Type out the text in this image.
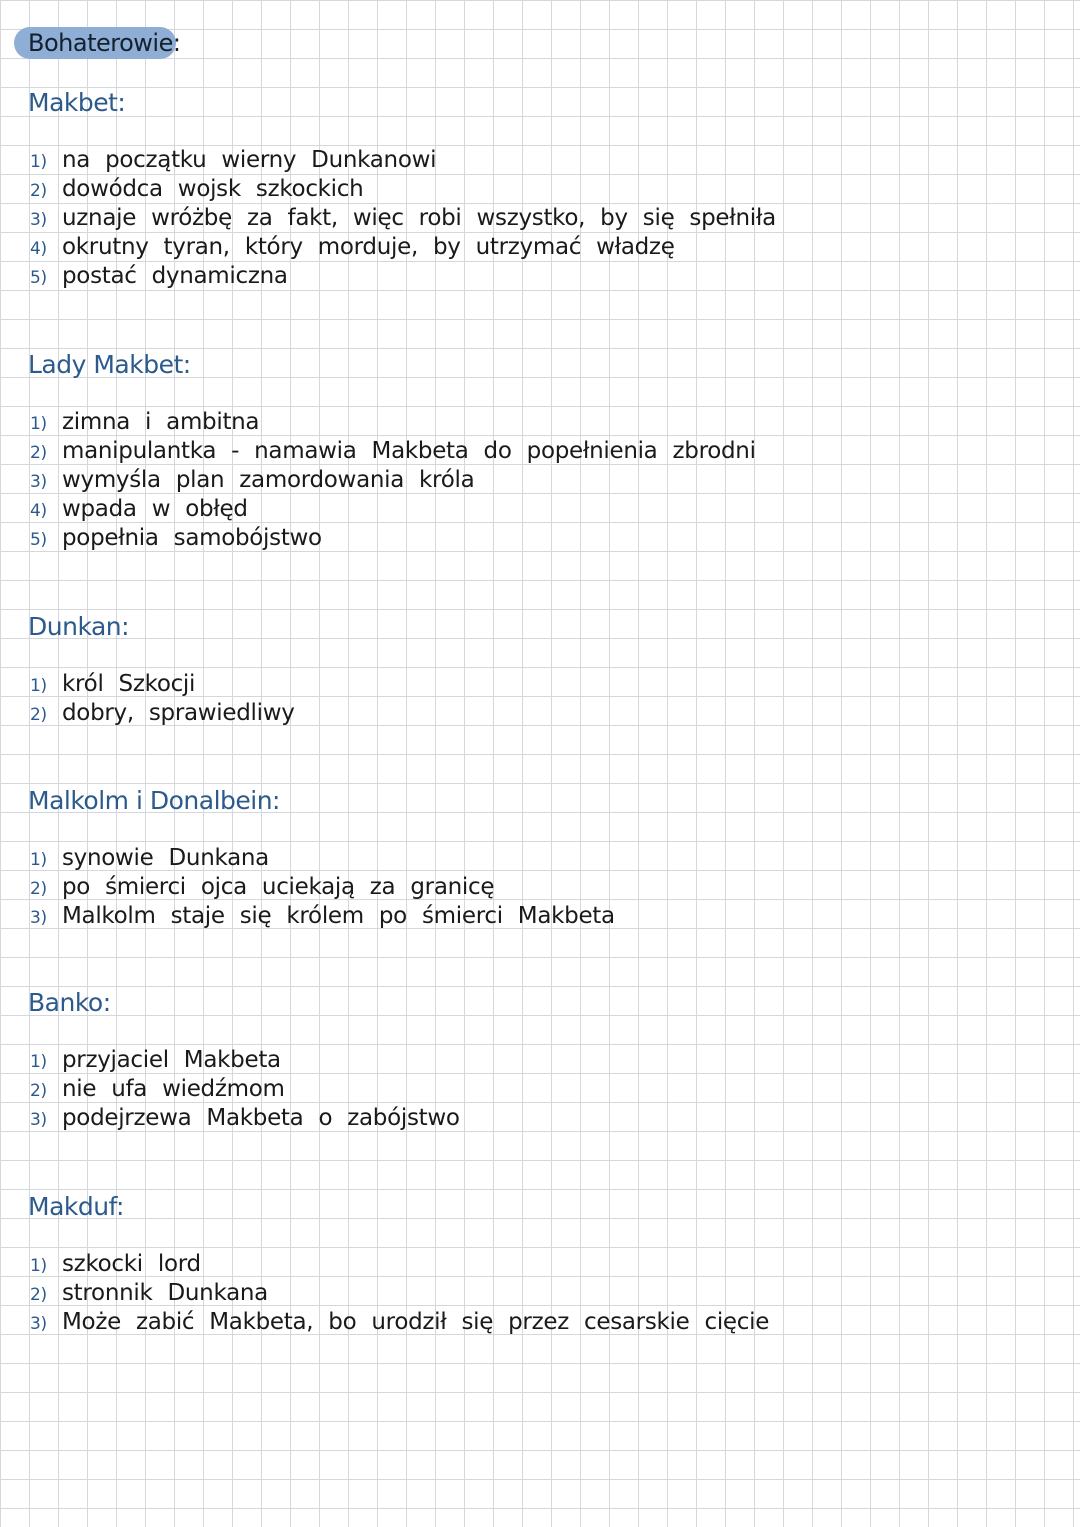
Bohaterowie:
Makbet:
1) na początku wierny Dunkanowi
2) dowódca wojsk szkockich
3) uznaje wróżbę za fakt, więc robi wszystko, by się spełniła
4) okrutny tyran, który morduje, by utrzymać władzę
5) postać dynamiczna
Lady Makbet:
1) zimna i ambitna
2) manipulantka - namawia Makbeta do popełnienia zbrodni
3) wymyśla plan zamordowania króla
4) wpada w obłęd
5) popełnia samobójstwo
Dunkan:
1) król Szkocji
2) dobry, sprawiedliwy
Malkolm i Donalbein:
1) synowie Dunkana
2) po śmierci ojca uciekają za granicę
3) Malkolm staje się królem po śmierci Makbeta
Banko:
1) przyjaciel Makbeta
2) nie ufa wiedźmom
3) podejrzewa Makbeta o zabójstwo
Makduf:
1) szkocki lord
2) stronnik Dunkana
3) Może zabić Makbeta, bo urodził się przez cesarskie cięcie
